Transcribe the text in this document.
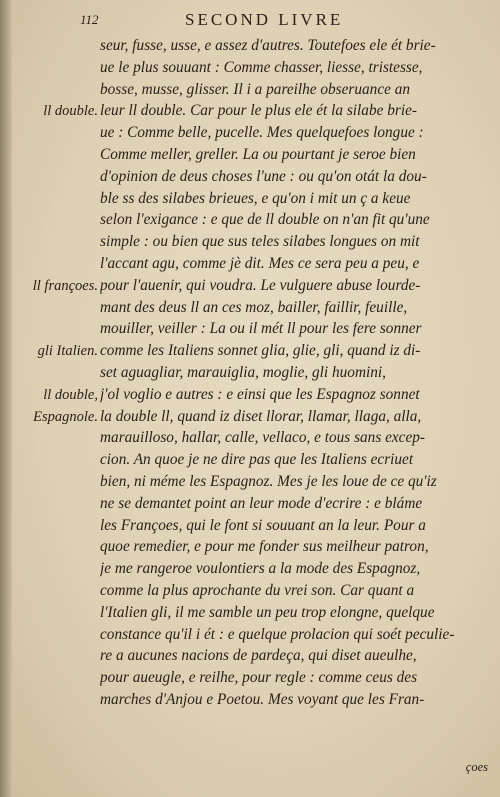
112	SECOND LIVRE
ll double.
ll françoes.
gli Italien.
ll double,
Espagnole.
seur, fusse, usse, e assez d'autres. Toutefoes ele ét brie-
ue le plus souuant : Comme chasser, liesse, tristesse,
bosse, musse, glisser. Il i a pareilhe obseruance an
leur ll double. Car pour le plus ele ét la silabe brie-
ue : Comme belle, pucelle. Mes quelquefoes longue :
Comme meller, greller. La ou pourtant je seroe bien
d'opinion de deus choses l'une : ou qu'on otát la dou-
ble ss des silabes brieues, e qu'on i mit un ç a keue
selon l'exigance : e que de ll double on n'an fit qu'une
simple : ou bien que sus teles silabes longues on mit
l'accant agu, comme jè dit. Mes ce sera peu a peu, e
pour l'auenir, qui voudra. Le vulguere abuse lourde-
mant des deus ll an ces moz, bailler, faillir, feuille,
mouiller, veiller : La ou il mét ll pour les fere sonner
comme les Italiens sonnet glia, glie, gli, quand iz di-
set aguagliar, marauiglia, moglie, gli huomini,
j'ol voglio e autres : e einsi que les Espagnoz sonnet
la double ll, quand iz diset llorar, llamar, llaga, alla,
marauillosо, hallar, calle, vellaco, e tous sans excep-
cion. An quoe je ne dire pas que les Italiens ecriuet
bien, ni méme les Espagnoz. Mes je les loue de ce qu'iz
ne se demantet point an leur mode d'ecrire : e bláme
les Françoes, qui le font si souuant an la leur. Pour a
quoe remedier, e pour me fonder sus meilheur patron,
je me rangeroe voulontiers a la mode des Espagnoz,
comme la plus aprochante du vrei son. Car quant a
l'Italien gli, il me samble un peu trop elongne, quelque
constance qu'il i ét : e quelque prolacion qui soét peculie-
re a aucunes nacions de pardeça, qui diset aueulhe,
pour aueugle, e reilhe, pour regle : comme ceus des
marches d'Anjou e Poetou. Mes voyant que les Fran-
çoes
